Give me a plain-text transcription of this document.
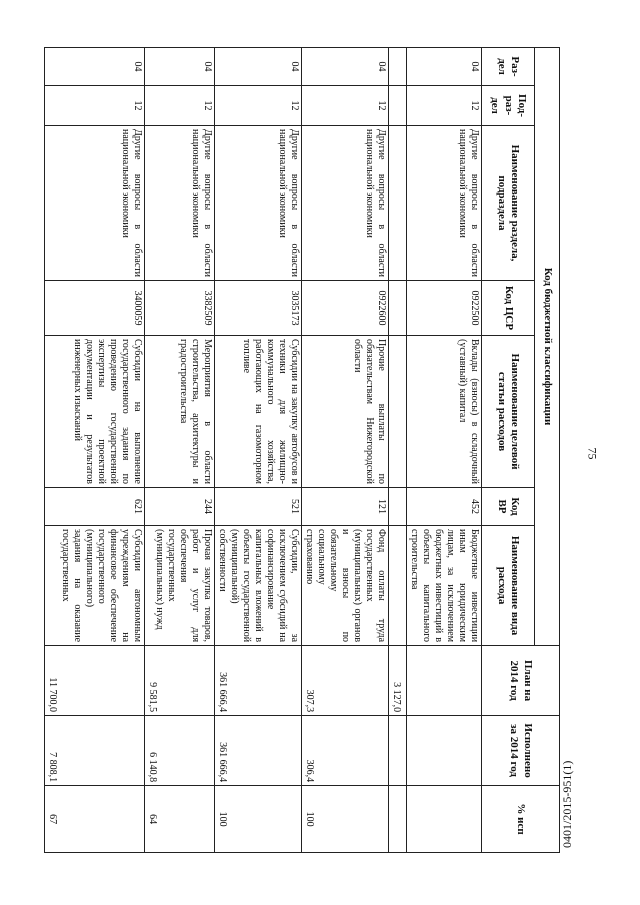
75
Код бюджетной классификации							План на 2014 год	Исполнено за 2014 год	% исп
Раз-дел	Под-раз-дел	Наименование раздела, подраздела	Код ЦСР	Наименование целевой статьи расходов	Код ВР	Наименование вида расхода			
04	12	Другие вопросы в области национальной экономики	0922500	Вклады (взносы) в складочный (уставный) капитал	452	Бюджетные инвестиции иным юридическим лицам, за исключением бюджетных инвестиций в объекты капитального строительства			
							3 127,0		
04	12	Другие вопросы в области национальной экономики	0922600	Прочие выплаты по обязательствам Нижегородской области	121	Фонд оплаты труда государственных (муниципальных) органов и взносы по обязательному социальному страхованию	307,3	306,4	100
04	12	Другие вопросы в области национальной экономики	3035173	Субсидии на закупку автобусов и техники для жилищно-коммунального хозяйства, работающих на газомоторном топливе	521	Субсидии, за исключением субсидий на софинансирование капитальных вложений в объекты государственной (муниципальной) собственности	361 666,4	361 666,4	100
04	12	Другие вопросы в области национальной экономики	3382509	Мероприятия в области строительства, архитектуры и градостроительства	244	Прочая закупка товаров, работ и услуг для обеспечения государственных (муниципальных) нужд	9 581,5	6 140,8	64
04	12	Другие вопросы в области национальной экономики	3400059	Субсидии на выполнение государственного задания по проведению государственной экспертизы проектной документации и результатов инженерных изысканий	621	Субсидии автономным учреждениям на финансовое обеспечение государственного (муниципального) задания на оказание государственных	11 700,0	7 808,1	67	0401/2015-951(1)
